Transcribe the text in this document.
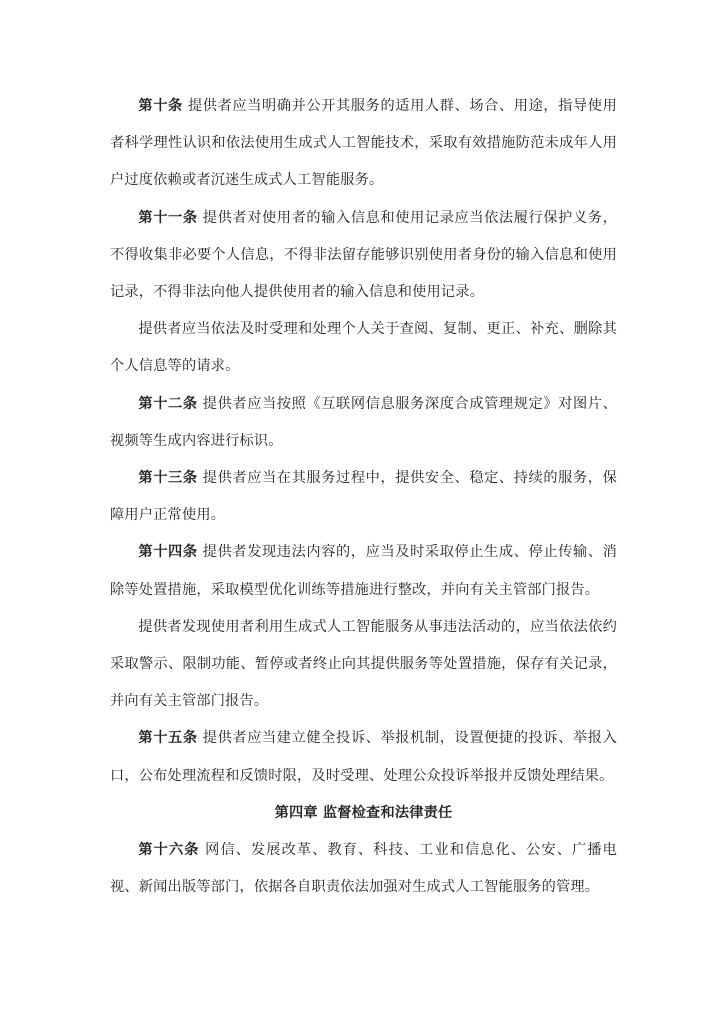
第十条 提供者应当明确并公开其服务的适用人群、场合、用途，指导使用者科学理性认识和依法使用生成式人工智能技术，采取有效措施防范未成年人用户过度依赖或者沉迷生成式人工智能服务。

第十一条 提供者对使用者的输入信息和使用记录应当依法履行保护义务，不得收集非必要个人信息，不得非法留存能够识别使用者身份的输入信息和使用记录，不得非法向他人提供使用者的输入信息和使用记录。

提供者应当依法及时受理和处理个人关于查阅、复制、更正、补充、删除其个人信息等的请求。

第十二条 提供者应当按照《互联网信息服务深度合成管理规定》对图片、视频等生成内容进行标识。

第十三条 提供者应当在其服务过程中，提供安全、稳定、持续的服务，保障用户正常使用。

第十四条 提供者发现违法内容的，应当及时采取停止生成、停止传输、消除等处置措施，采取模型优化训练等措施进行整改，并向有关主管部门报告。

提供者发现使用者利用生成式人工智能服务从事违法活动的，应当依法依约采取警示、限制功能、暂停或者终止向其提供服务等处置措施，保存有关记录，并向有关主管部门报告。

第十五条 提供者应当建立健全投诉、举报机制，设置便捷的投诉、举报入口，公布处理流程和反馈时限，及时受理、处理公众投诉举报并反馈处理结果。

第四章 监督检查和法律责任

第十六条 网信、发展改革、教育、科技、工业和信息化、公安、广播电视、新闻出版等部门，依据各自职责依法加强对生成式人工智能服务的管理。
